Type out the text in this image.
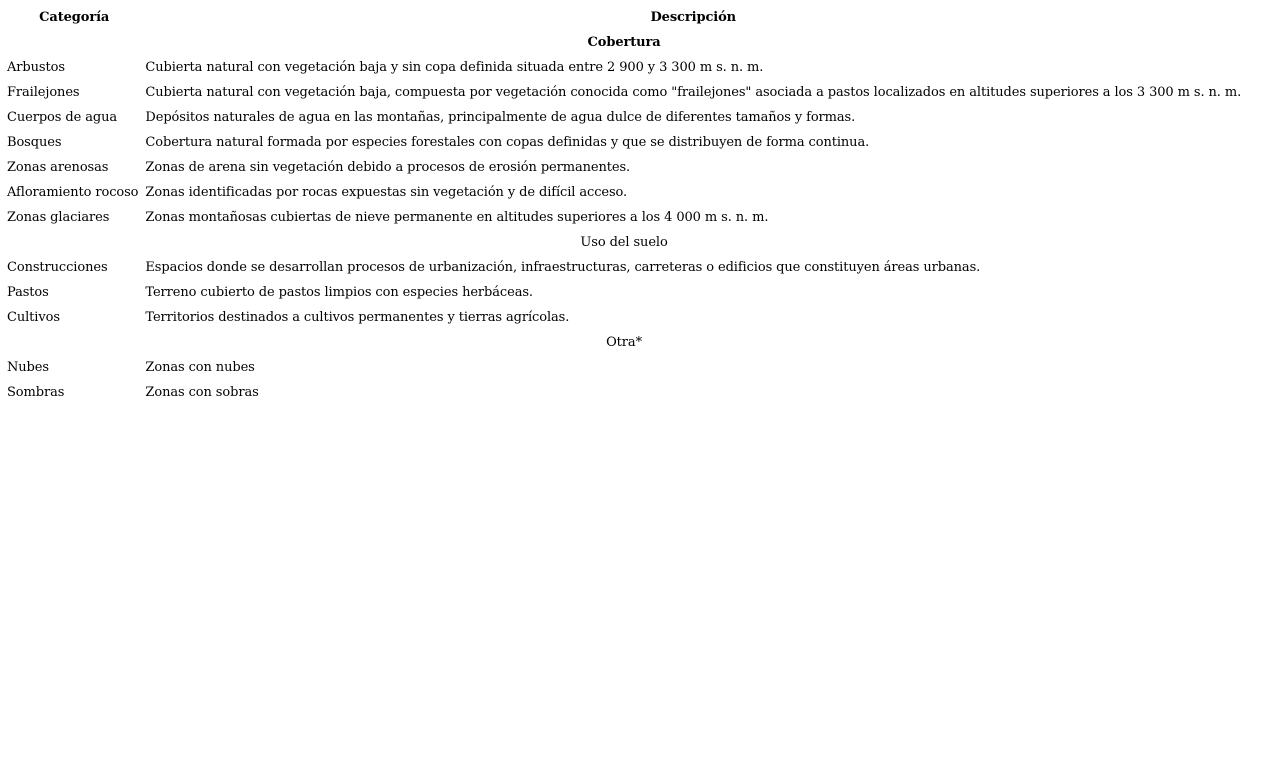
Categoría	Descripción
Cobertura	
Arbustos	Cubierta natural con vegetación baja y sin copa definida situada entre 2 900 y 3 300 m s. n. m.
Frailejones	Cubierta natural con vegetación baja, compuesta por vegetación conocida como "frailejones" asociada a pastos localizados en altitudes superiores a los 3 300 m s. n. m.
Cuerpos de agua	Depósitos naturales de agua en las montañas, principalmente de agua dulce de diferentes tamaños y formas.
Bosques	Cobertura natural formada por especies forestales con copas definidas y que se distribuyen de forma continua.
Zonas arenosas	Zonas de arena sin vegetación debido a procesos de erosión permanentes.
Afloramiento rocoso	Zonas identificadas por rocas expuestas sin vegetación y de difícil acceso.
Zonas glaciares	Zonas montañosas cubiertas de nieve permanente en altitudes superiores a los 4 000 m s. n. m.
Uso del suelo	
Construcciones	Espacios donde se desarrollan procesos de urbanización, infraestructuras, carreteras o edificios que constituyen áreas urbanas.
Pastos	Terreno cubierto de pastos limpios con especies herbáceas.
Cultivos	Territorios destinados a cultivos permanentes y tierras agrícolas.
Otra*	
Nubes	Zonas con nubes
Sombras	Zonas con sobras
